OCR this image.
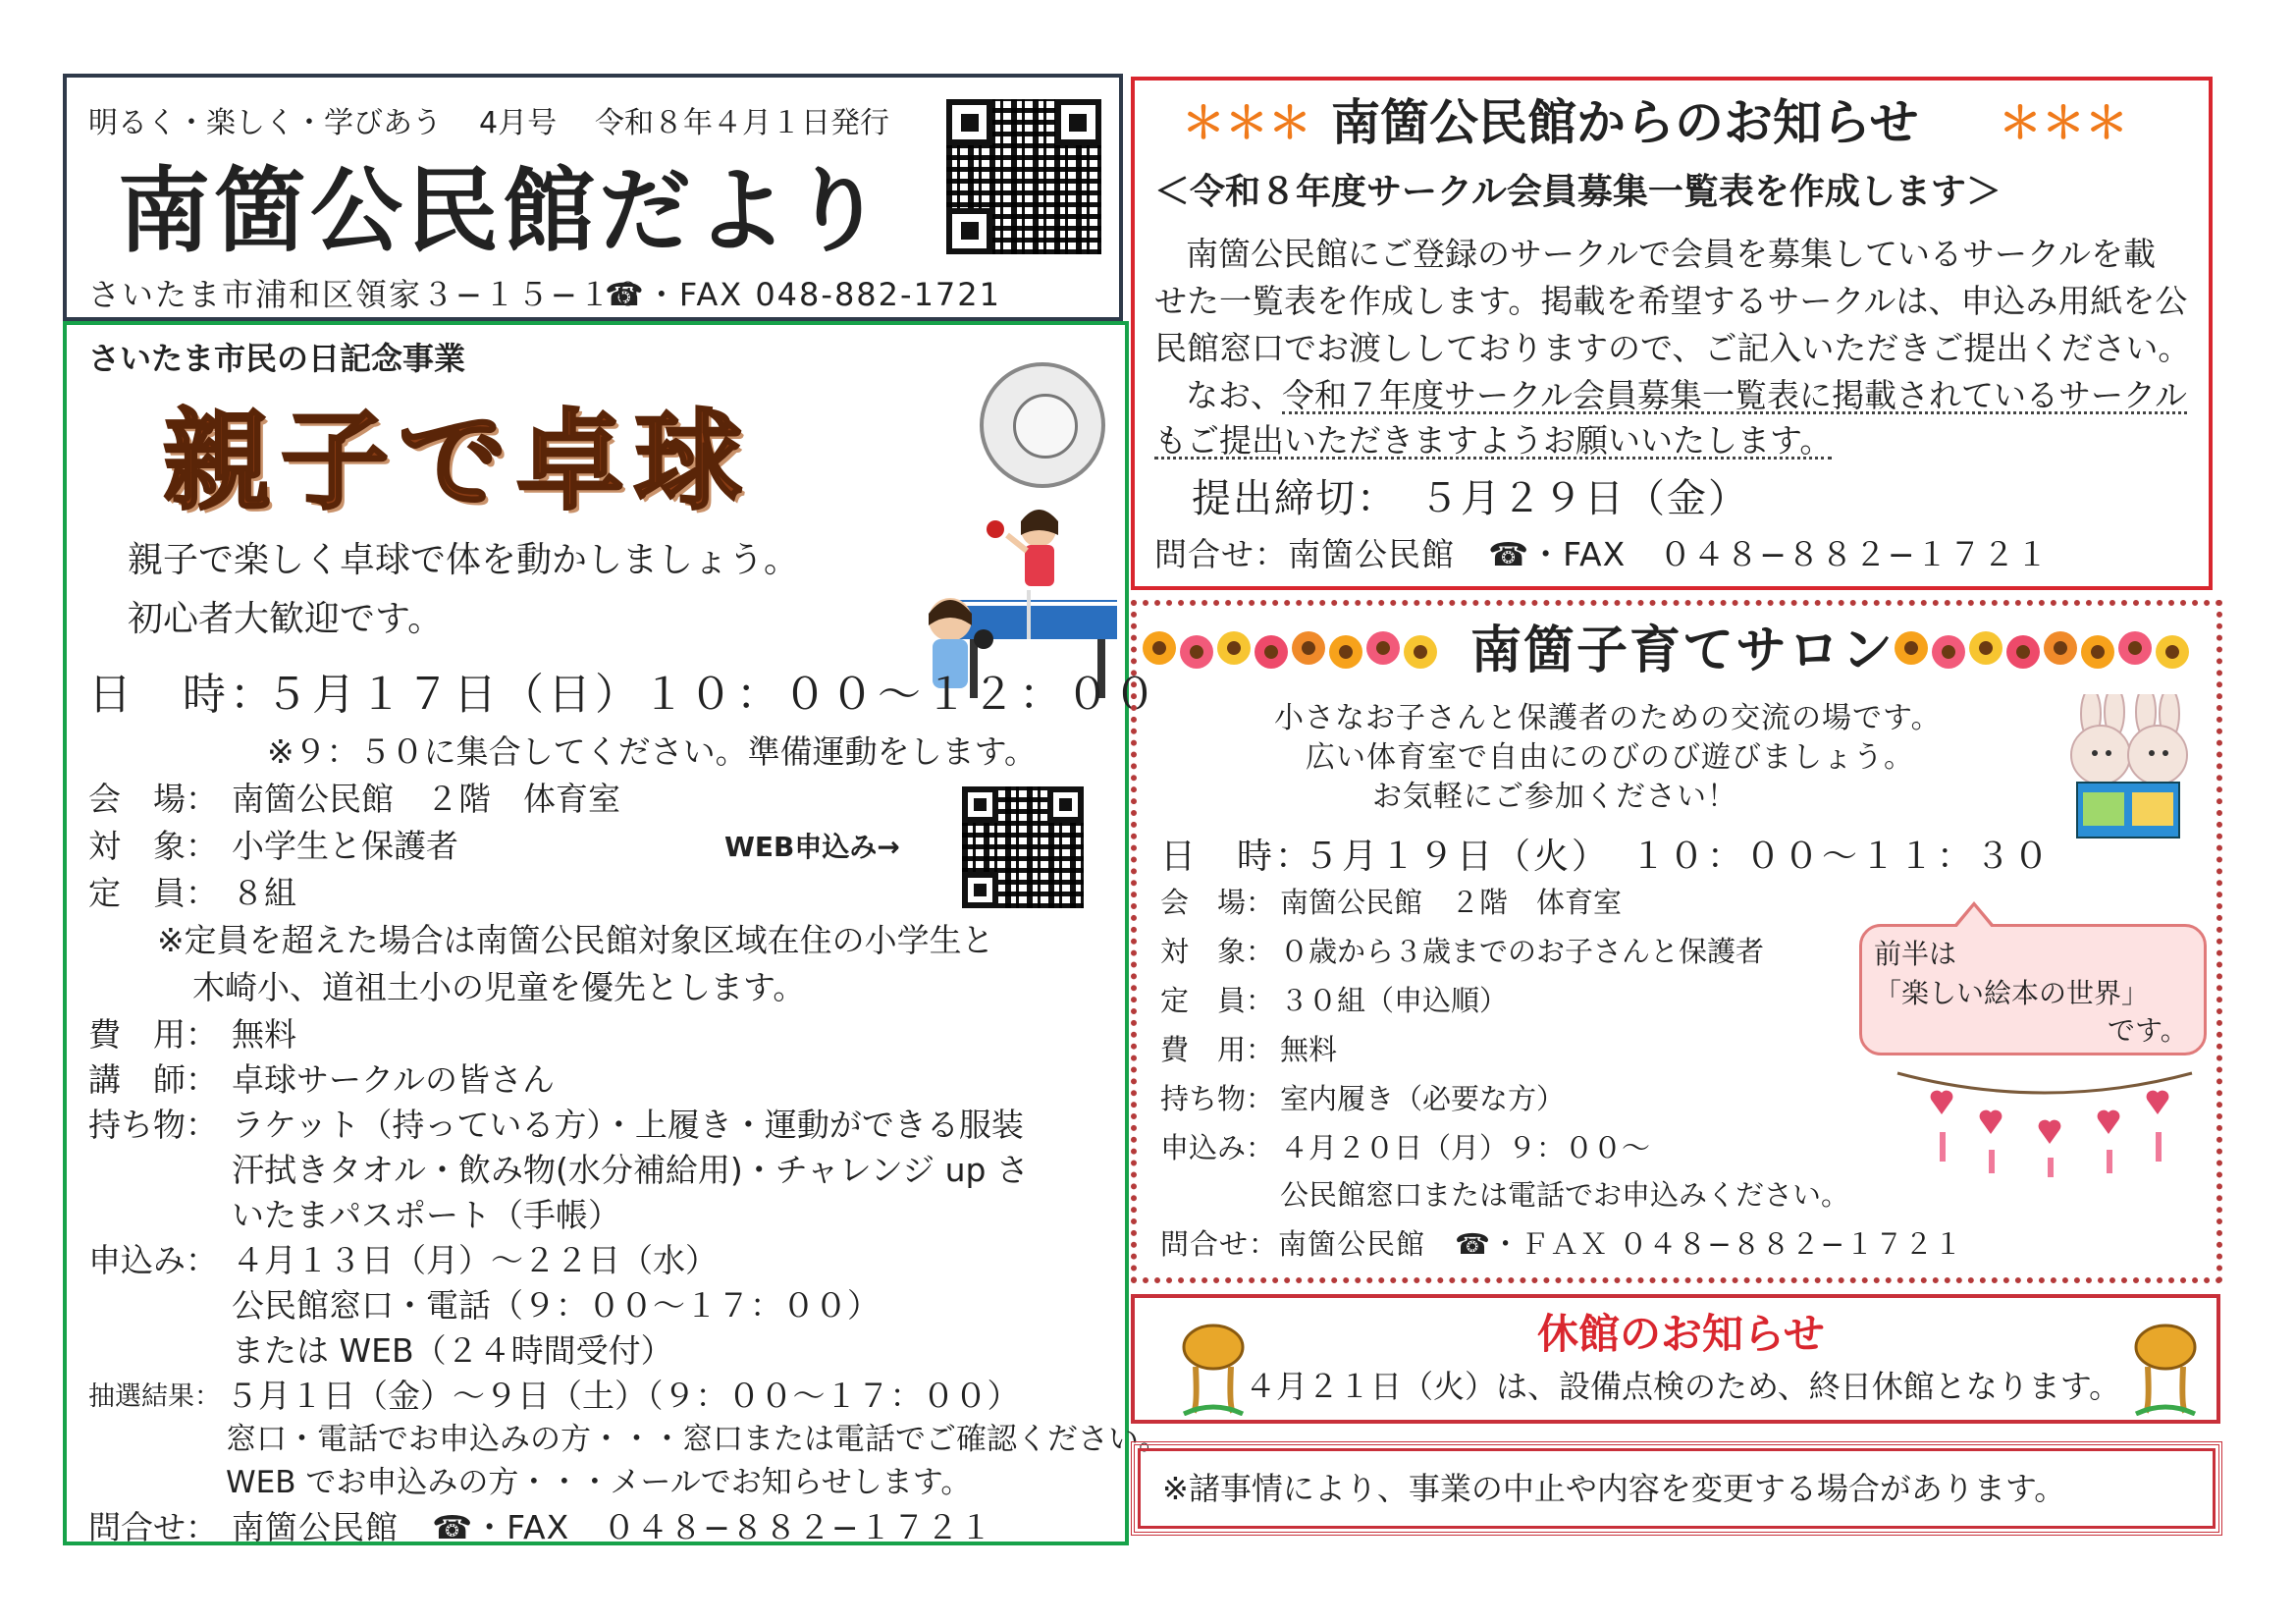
明るく・楽しく・学びあう 4月号 令和８年４月１日発行
南箇公民館だより
さいたま市浦和区領家３−１５−１０
☎・FAX 048‐882‐1721
さいたま市民の日記念事業
親子で卓球
親子で楽しく卓球で体を動かしましょう。
初心者大歓迎です。
日　時：
５月１７日（日）１０：００〜１２：００
※９：５０に集合してください。準備運動をします。
会　場： 南箇公民館　２階　体育室
対　象： 小学生と保護者	WEB申込み→
定　員： ８組
※定員を超えた場合は南箇公民館対象区域在住の小学生と
木崎小、道祖土小の児童を優先とします。
費　用： 無料
講　師： 卓球サークルの皆さん
持ち物： ラケット（持っている方）・上履き・運動ができる服装
汗拭きタオル・飲み物(水分補給用)・チャレンジ up さ
いたまパスポート（手帳）
申込み： ４月１３日（月）〜２２日（水）
公民館窓口・電話（９：００〜１７：００）
または WEB（２４時間受付）
抽選結果： ５月１日（金）〜９日（土）（９：００〜１７：００）
窓口・電話でお申込みの方・・・窓口または電話でご確認ください。
WEB でお申込みの方・・・メールでお知らせします。
問合せ： 南箇公民館　☎・FAX　０４８−８８２−１７２１
＊＊＊ 南箇公民館からのお知らせ ＊＊＊
＜令和８年度サークル会員募集一覧表を作成します＞
南箇公民館にご登録のサークルで会員を募集しているサークルを載
せた一覧表を作成します。掲載を希望するサークルは、申込み用紙を公
民館窓口でお渡ししておりますので、ご記入いただきご提出ください。
なお、 令和７年度サークル会員募集一覧表に掲載されているサークル
もご提出いただきますようお願いいたします。
提出締切：　５月２９日（金）
問合せ：南箇公民館　☎・FAX　０４８−８８２−１７２１
南箇子育てサロン
小さなお子さんと保護者のための交流の場です。
広い体育室で自由にのびのび遊びましょう。
お気軽にご参加ください！
日　時：
５月１９日（火）　１０：００〜１１：３０
会　場： 南箇公民館　２階　体育室
対　象： ０歳から３歳までのお子さんと保護者
定　員： ３０組（申込順）
費　用： 無料
持ち物： 室内履き（必要な方）
申込み： ４月２０日（月）９：００〜
公民館窓口または電話でお申込みください。
問合せ：南箇公民館　☎・ＦＡＸ ０４８−８８２−１７２１
前半は
「楽しい絵本の世界」
です。
休館のお知らせ
４月２１日（火）は、設備点検のため、終日休館となります。
※諸事情により、事業の中止や内容を変更する場合があります。
